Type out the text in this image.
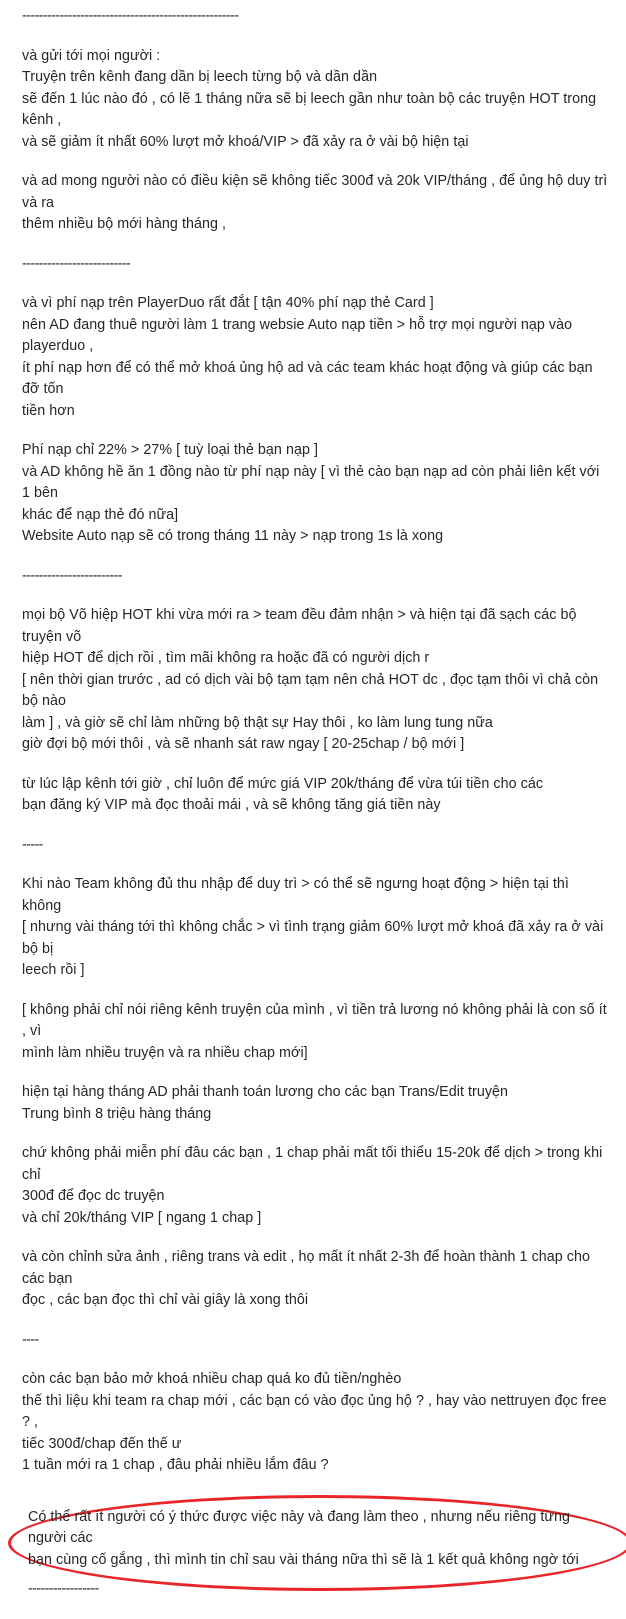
----------------------------------------------------
và gửi tới mọi người :
Truyện trên kênh đang dần bị leech từng bộ và dần dần
sẽ đến 1 lúc nào đó , có lẽ 1 tháng nữa sẽ bị leech gần như toàn bộ các truyện HOT trong kênh ,
và sẽ giảm ít nhất 60% lượt mở khoá/VIP > đã xảy ra ở vài bộ hiện tại
và ad mong người nào có điều kiện sẽ không tiếc 300đ và 20k VIP/tháng , để ủng hộ duy trì và ra
thêm nhiều bộ mới hàng tháng ,
--------------------------
và vì phí nạp trên PlayerDuo rất đắt [ tận 40% phí nạp thẻ Card ]
nên AD đang thuê người làm 1 trang websie Auto nạp tiền > hỗ trợ mọi người nạp vào playerduo ,
ít phí nạp hơn để có thể mở khoá ủng hộ ad và các team khác hoạt động và giúp các bạn đỡ tốn
tiền hơn
Phí nạp chỉ 22% > 27% [ tuỳ loại thẻ bạn nạp ]
và AD không hề ăn 1 đồng nào từ phí nạp này [ vì thẻ cào bạn nạp ad còn phải liên kết với 1 bên
khác để nạp thẻ đó nữa]
Website Auto nạp sẽ có trong tháng 11 này > nạp trong 1s là xong
------------------------
mọi bộ Võ hiệp HOT khi vừa mới ra > team đều đảm nhận > và hiện tại đã sạch các bộ truyện võ
hiệp HOT để dịch rồi , tìm mãi không ra hoặc đã có người dịch r
[ nên thời gian trước , ad có dịch vài bộ tạm tạm nên chả HOT dc , đọc tạm thôi vì chả còn bộ nào
làm ] , và giờ sẽ chỉ làm những bộ thật sự Hay thôi , ko làm lung tung nữa
giờ đợi bộ mới thôi , và sẽ nhanh sát raw ngay [ 20-25chap / bộ mới ]
từ lúc lập kênh tới giờ , chỉ luôn để mức giá VIP 20k/tháng để vừa túi tiền cho các
bạn đăng ký VIP mà đọc thoải mái , và sẽ không tăng giá tiền này
-----
Khi nào Team không đủ thu nhập để duy trì > có thể sẽ ngưng hoạt động > hiện tại thì không
[ nhưng vài tháng tới thì không chắc > vì tình trạng giảm 60% lượt mở khoá đã xảy ra ở vài bộ bị
leech rồi ]
[ không phải chỉ nói riêng kênh truyện của mình , vì tiền trả lương nó không phải là con số ít , vì
mình làm nhiều truyện và ra nhiều chap mới]
hiện tại hàng tháng AD phải thanh toán lương cho các bạn Trans/Edit truyện
Trung bình 8 triệu hàng tháng
chứ không phải miễn phí đâu các bạn , 1 chap phải mất tối thiểu 15-20k để dịch > trong khi chỉ
300đ để đọc dc truyện
và chỉ 20k/tháng VIP [ ngang 1 chap ]
và còn chỉnh sửa ảnh , riêng trans và edit , họ mất ít nhất 2-3h để hoàn thành 1 chap cho các bạn
đọc , các bạn đọc thì chỉ vài giây là xong thôi
----
còn các bạn bảo mở khoá nhiều chap quá ko đủ tiền/nghèo
thế thì liệu khi team ra chap mới , các bạn có vào đọc ủng hộ ? , hay vào nettruyen đọc free ? ,
tiếc 300đ/chap đến thế ư
1 tuần mới ra 1 chap , đâu phải nhiều lắm đâu ?
Có thể rất ít người có ý thức được việc này và đang làm theo , nhưng nếu riêng từng người các
bạn cùng cố gắng , thì mình tin chỉ sau vài tháng nữa thì sẽ là 1 kết quả không ngờ tới
-----------------
